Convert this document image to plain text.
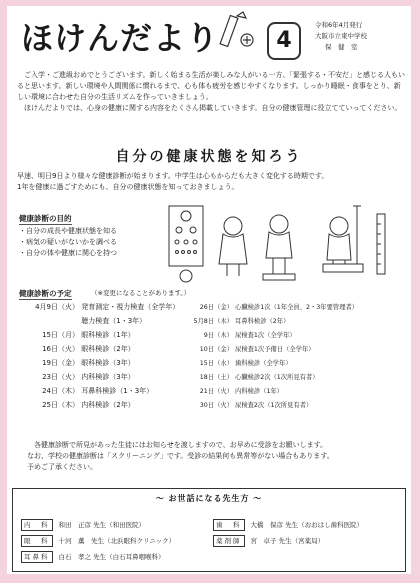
ほけんだより	4
令和6年4月発行
大阪市立東中学校
保　健　室
　ご入学・ご進級おめでとうございます。新しく始まる生活が楽しみな人がいる一方、「緊張する・不安だ」と感じる人もいると思います。新しい環境や人間関係に慣れるまで、心も体も疲労を感じやすくなります。しっかり睡眠・食事をとり、新しい環境に合わせた自分の生活リズムを作っていきましょう。
　ほけんだよりでは、心身の健康に関する内容をたくさん掲載していきます。自分の健康管理に役立てていってください。
自分の健康状態を知ろう
早速、明日9日より様々な健康診断が始まります。中学生は心もからだも大きく変化する時期です。
1年を健康に過ごすためにも、自分の健康状態を知っておきましょう。
健康診断の目的
・自分の成長や健康状態を知る
・病気の疑いがないかを調べる
・自分の体や健康に関心を持つ
健康診断の予定	（※変更になることがあります。）
4月9日（火） 発育測定・視力検査（全学年）
聴力検査（1・3年）
15日（月） 眼科検診（1年）
16日（火） 眼科検診（2年）
19日（金） 眼科検診（3年）
23日（火） 内科検診（3年）
24日（木） 耳鼻科検診（1・3年）
25日（木） 内科検診（2年）
26日（金） 心臓検診1次（1年全員、2・3年要管理者）
5月8日（木） 耳鼻科検診（2年）
9日（木） 尿検査1次（全学年）
10日（金） 尿検査1次予備日（全学年）
15日（水） 歯科検診（全学年）
18日（土） 心臓検診2次（1次所見有者）
21日（火） 内科検診（1年）
30日（火） 尿検査2次（1次所見有者）
　各健康診断で所見があった生徒にはお知らせを渡しますので、お早めに受診をお願いします。
なお、学校の健康診断は「スクリーニング」です。受診の結果何も異常等がない場合もあります。
予めご了承ください。
～ お世話になる先生方 ～
内　科 和田　正彦 先生（和田医院）
眼　科 十河　薫　先生（北浜眼科クリニック）
耳鼻科 白石　孝之 先生（白石耳鼻咽喉科）
歯　科 大橋　保彦 先生（おおはし歯科医院）
薬剤師 宮　卓子 先生（宮薬局）
